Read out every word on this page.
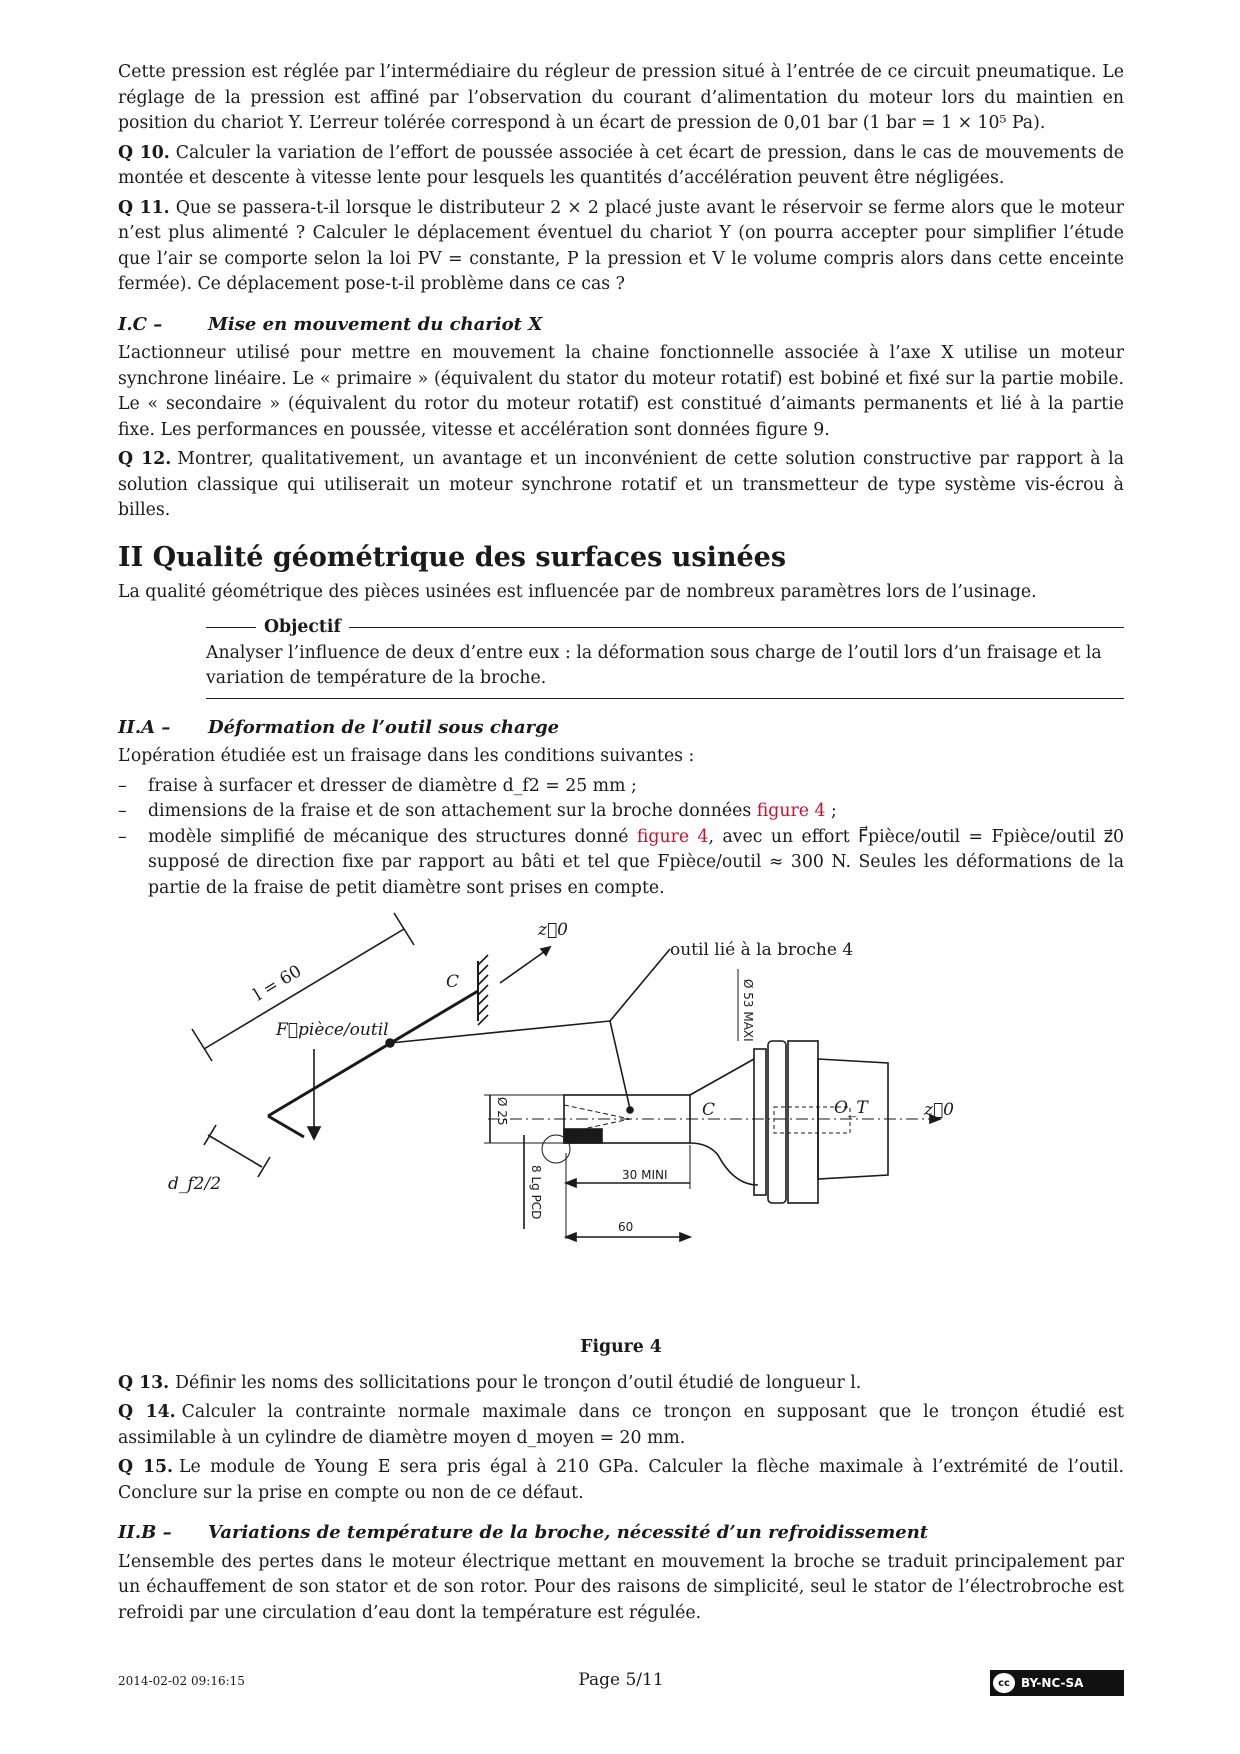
Cette pression est réglée par l’intermédiaire du régleur de pression situé à l’entrée de ce circuit pneumatique. Le réglage de la pression est affiné par l’observation du courant d’alimentation du moteur lors du maintien en position du chariot Y. L’erreur tolérée correspond à un écart de pression de 0,01 bar (1 bar = 1 × 10⁵ Pa).

Q 10. Calculer la variation de l’effort de poussée associée à cet écart de pression, dans le cas de mouvements de montée et descente à vitesse lente pour lesquels les quantités d’accélération peuvent être négligées.

Q 11. Que se passera-t-il lorsque le distributeur 2 × 2 placé juste avant le réservoir se ferme alors que le moteur n’est plus alimenté ? Calculer le déplacement éventuel du chariot Y (on pourra accepter pour simplifier l’étude que l’air se comporte selon la loi PV = constante, P la pression et V le volume compris alors dans cette enceinte fermée). Ce déplacement pose-t-il problème dans ce cas ?

I.C –	Mise en mouvement du chariot X

L’actionneur utilisé pour mettre en mouvement la chaine fonctionnelle associée à l’axe X utilise un moteur synchrone linéaire. Le « primaire » (équivalent du stator du moteur rotatif) est bobiné et fixé sur la partie mobile. Le « secondaire » (équivalent du rotor du moteur rotatif) est constitué d’aimants permanents et lié à la partie fixe. Les performances en poussée, vitesse et accélération sont données figure 9.

Q 12. Montrer, qualitativement, un avantage et un inconvénient de cette solution constructive par rapport à la solution classique qui utiliserait un moteur synchrone rotatif et un transmetteur de type système vis-écrou à billes.

II Qualité géométrique des surfaces usinées

La qualité géométrique des pièces usinées est influencée par de nombreux paramètres lors de l’usinage.

Objectif
Analyser l’influence de deux d’entre eux : la déformation sous charge de l’outil lors d’un fraisage et la variation de température de la broche.
II.A – Déformation de l’outil sous charge

L’opération étudiée est un fraisage dans les conditions suivantes :

– fraise à surfacer et dresser de diamètre d_f2 = 25 mm ;
– dimensions de la fraise et de son attachement sur la broche données figure 4 ;
– modèle simplifié de mécanique des structures donné figure 4, avec un effort F⃗pièce/outil = Fpièce/outil z⃗0 supposé de direction fixe par rapport au bâti et tel que Fpièce/outil ≈ 300 N. Seules les déformations de la partie de la fraise de petit diamètre sont prises en compte.
l = 60	C
z⃗0
F⃗pièce/outil
d_f2/2
outil lié à la broche 4
Ø 53 MAXI
Ø 25
8 Lg PCD	30 MINI
60
C	O_T	z⃗0
Figure 4

Q 13. Définir les noms des sollicitations pour le tronçon d’outil étudié de longueur l.

Q 14. Calculer la contrainte normale maximale dans ce tronçon en supposant que le tronçon étudié est assimilable à un cylindre de diamètre moyen d_moyen = 20 mm.

Q 15. Le module de Young E sera pris égal à 210 GPa. Calculer la flèche maximale à l’extrémité de l’outil. Conclure sur la prise en compte ou non de ce défaut.

II.B – Variations de température de la broche, nécessité d’un refroidissement

L’ensemble des pertes dans le moteur électrique mettant en mouvement la broche se traduit principalement par un échauffement de son stator et de son rotor. Pour des raisons de simplicité, seul le stator de l’électrobroche est refroidi par une circulation d’eau dont la température est régulée.

2014-02-02 09:16:15	Page 5/11	cc BY-NC-SA
